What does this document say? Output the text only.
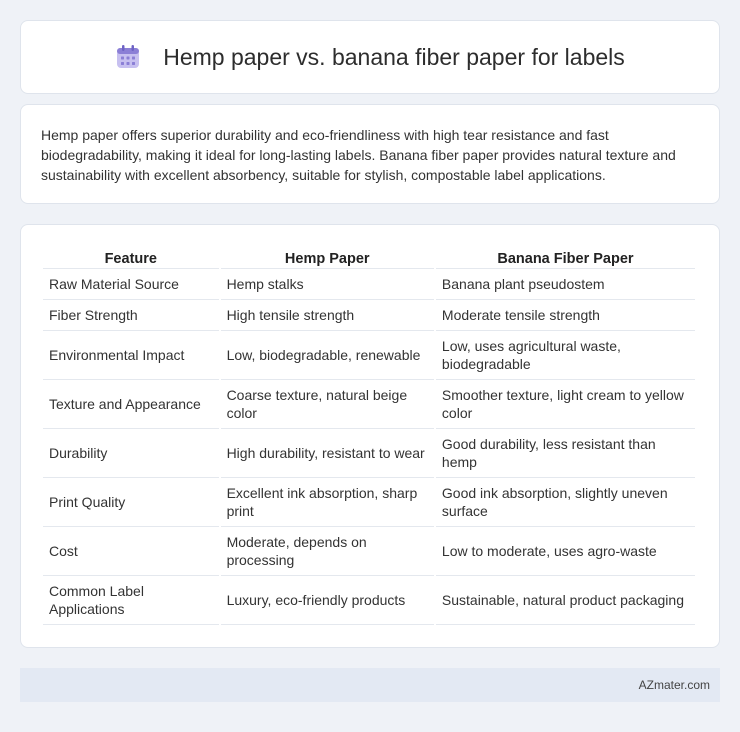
Hemp paper vs. banana fiber paper for labels

Hemp paper offers superior durability and eco-friendliness with high tear resistance and fast biodegradability, making it ideal for long-lasting labels. Banana fiber paper provides natural texture and sustainability with excellent absorbency, suitable for stylish, compostable label applications.

Feature	Hemp Paper	Banana Fiber Paper
Raw Material Source	Hemp stalks	Banana plant pseudostem
Fiber Strength	High tensile strength	Moderate tensile strength
Environmental Impact	Low, biodegradable, renewable	Low, uses agricultural waste, biodegradable
Texture and Appearance	Coarse texture, natural beige color	Smoother texture, light cream to yellow color
Durability	High durability, resistant to wear	Good durability, less resistant than hemp
Print Quality	Excellent ink absorption, sharp print	Good ink absorption, slightly uneven surface
Cost	Moderate, depends on processing	Low to moderate, uses agro-waste
Common Label Applications	Luxury, eco-friendly products	Sustainable, natural product packaging
AZmater.com
